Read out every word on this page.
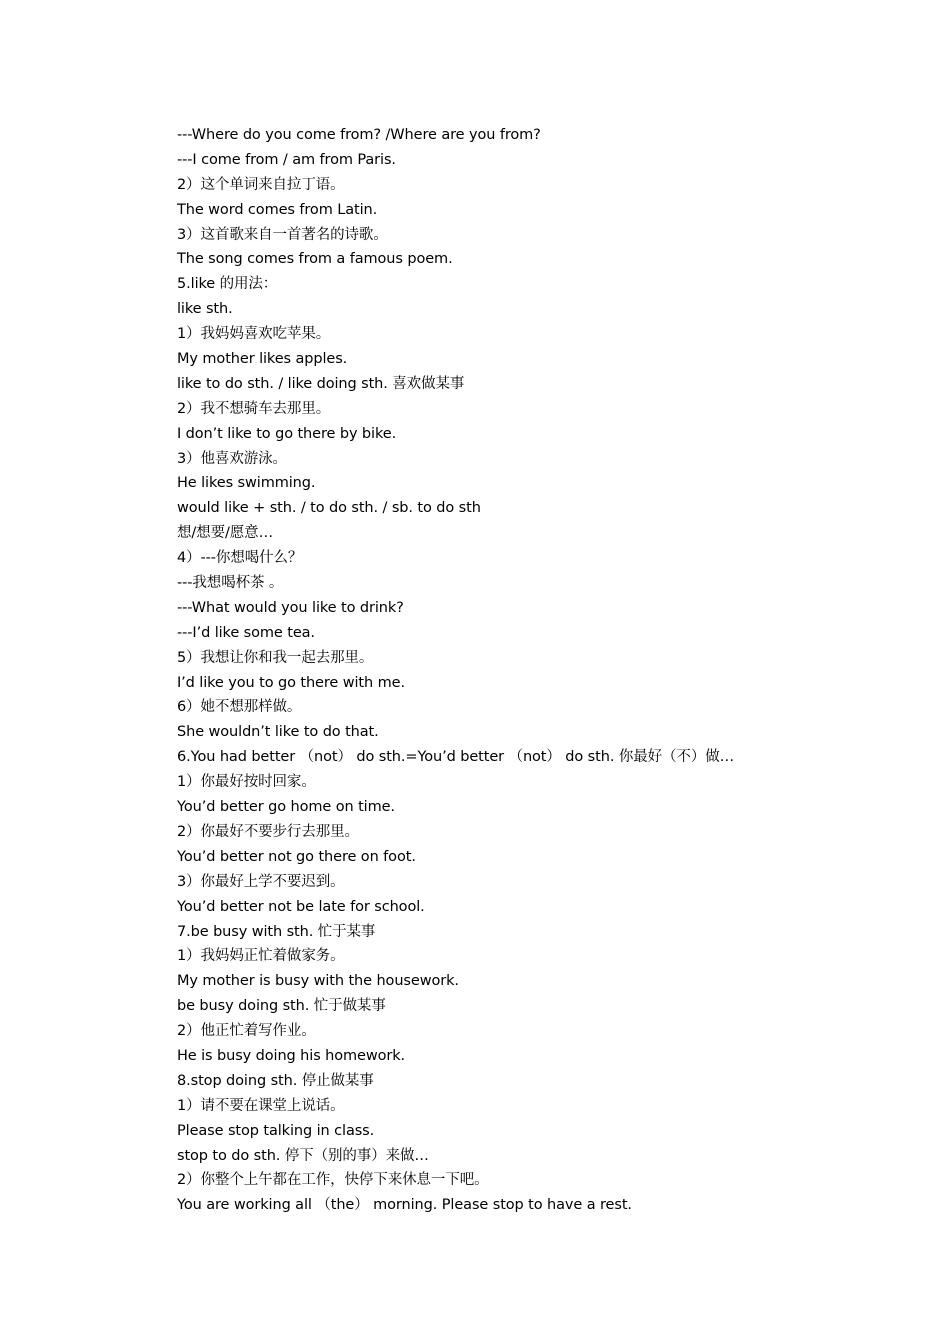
---Where do you come from? /Where are you from?
---I come from / am from Paris.
2）这个单词来自拉丁语。
The word comes from Latin.
3）这首歌来自一首著名的诗歌。
The song comes from a famous poem.
5.like 的用法：
like sth.
1）我妈妈喜欢吃苹果。
My mother likes apples.
like to do sth. / like doing sth. 喜欢做某事
2）我不想骑车去那里。
I don’t like to go there by bike.
3）他喜欢游泳。
He likes swimming.
would like + sth. / to do sth. / sb. to do sth
想/想要/愿意…
4）---你想喝什么？
---我想喝杯茶 。
---What would you like to drink?
---I’d like some tea.
5）我想让你和我一起去那里。
I’d like you to go there with me.
6）她不想那样做。
She wouldn’t like to do that.
6.You had better （not） do sth.=You’d better （not） do sth. 你最好（不）做…
1）你最好按时回家。
You’d better go home on time.
2）你最好不要步行去那里。
You’d better not go there on foot.
3）你最好上学不要迟到。
You’d better not be late for school.
7.be busy with sth. 忙于某事
1）我妈妈正忙着做家务。
My mother is busy with the housework.
be busy doing sth. 忙于做某事
2）他正忙着写作业。
He is busy doing his homework.
8.stop doing sth. 停止做某事
1）请不要在课堂上说话。
Please stop talking in class.
stop to do sth. 停下（别的事）来做…
2）你整个上午都在工作，快停下来休息一下吧。
You are working all （the） morning. Please stop to have a rest.
